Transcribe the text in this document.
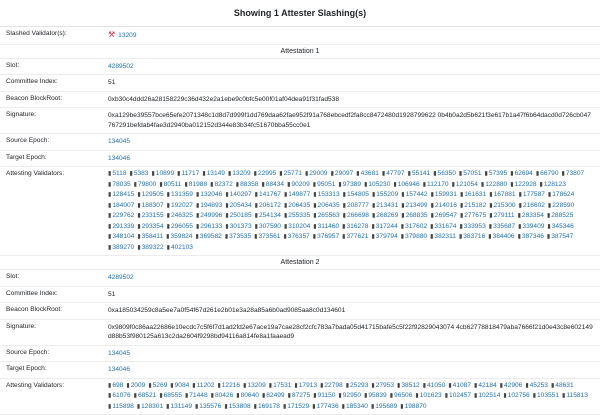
Showing 1 Attester Slashing(s)
Slashed Validator(s):	⚒ 13209
Attestation 1
Slot:	4289502
Committee Index:	51
Beacon BlockRoot:	0xb30c4ddd26a28158229c36d432e2a1ebe9c0bfc5e00f01af04dea91f31fad538
Signature:	0xa129be39557bce65efe2071348c1d8d7d999f1dd769daa62fae952f91a768ebcedf2fa8cc8472480d1928799622 0b4b0a2d5b621f3e617b1a47f6b64dacd0d726cb047767291befdab4fae3d2940ba012152d344e83b34fc51670bba55cc0e1
Source Epoch:	134045
Target Epoch:	134046
Attesting Validators:	▮5118 ▮5383 ▮10899 ▮11717 ▮13149 ▮13209 ▮22995 ▮25771 ▮29009 ▮29097 ▮43681 ▮47797 ▮55141 ▮56350 ▮57051 ▮57395 ▮62694 ▮66790 ▮73807
▮78035 ▮79800 ▮80511 ▮81988 ▮82372 ▮88358 ▮88434 ▮90209 ▮95051 ▮97389 ▮105230 ▮106946 ▮112170 ▮121054 ▮122880 ▮122928 ▮128123
▮128415 ▮129505 ▮131359 ▮132046 ▮140297 ▮141767 ▮149877 ▮153313 ▮154805 ▮155209 ▮157442 ▮159931 ▮161631 ▮167881 ▮177587 ▮178624
▮184007 ▮188307 ▮192027 ▮194893 ▮205434 ▮206172 ▮206435 ▮206435 ▮208777 ▮213431 ▮213499 ▮214016 ▮215182 ▮215300 ▮216602 ▮228590
▮229762 ▮233155 ▮246325 ▮249996 ▮250185 ▮254134 ▮255335 ▮265563 ▮266698 ▮268269 ▮268835 ▮269547 ▮277675 ▮279111 ▮283354 ▮288525
▮291339 ▮293354 ▮296055 ▮296133 ▮301373 ▮307590 ▮310204 ▮311460 ▮316278 ▮317244 ▮317602 ▮331674 ▮333953 ▮335687 ▮339409 ▮345346
▮348104 ▮358411 ▮359824 ▮369582 ▮373535 ▮373561 ▮376357 ▮376957 ▮377621 ▮379794 ▮379880 ▮382311 ▮383716 ▮384406 ▮387346 ▮387547
▮389270 ▮389322 ▮402103
Attestation 2
Slot:	4289502
Committee Index:	51
Beacon BlockRoot:	0xa185034259c8a5ee7a0f54f67d261e2b01e3a28a85a6b0ad9085aa8c0d134601
Signature:	0x9809f0c86aa22686e10ecdc7c5f6f7d1ad2fd2e67ace19a7cae28cf2cfc783a7bada05d41715bafe5c5f22f92829043074 4cb62778818479aba7666f21d0e43c8e602149d88b53f980125a613c2da2604f9298bd94116a814fe8a1faaead9
Source Epoch:	134045
Target Epoch:	134046
Attesting Validators:	▮698 ▮2009 ▮5269 ▮9084 ▮11202 ▮12216 ▮13209 ▮17531 ▮17913 ▮22798 ▮25293 ▮27953 ▮38512 ▮41050 ▮41087 ▮42184 ▮42906 ▮45253 ▮48631
▮61076 ▮68521 ▮68555 ▮71448 ▮80426 ▮80640 ▮82499 ▮87275 ▮91150 ▮92950 ▮95839 ▮96506 ▮101623 ▮102457 ▮102514 ▮102756 ▮103551 ▮115813
▮115898 ▮128301 ▮131149 ▮135576 ▮153808 ▮169178 ▮171529 ▮177436 ▮185340 ▮195689 ▮198870
